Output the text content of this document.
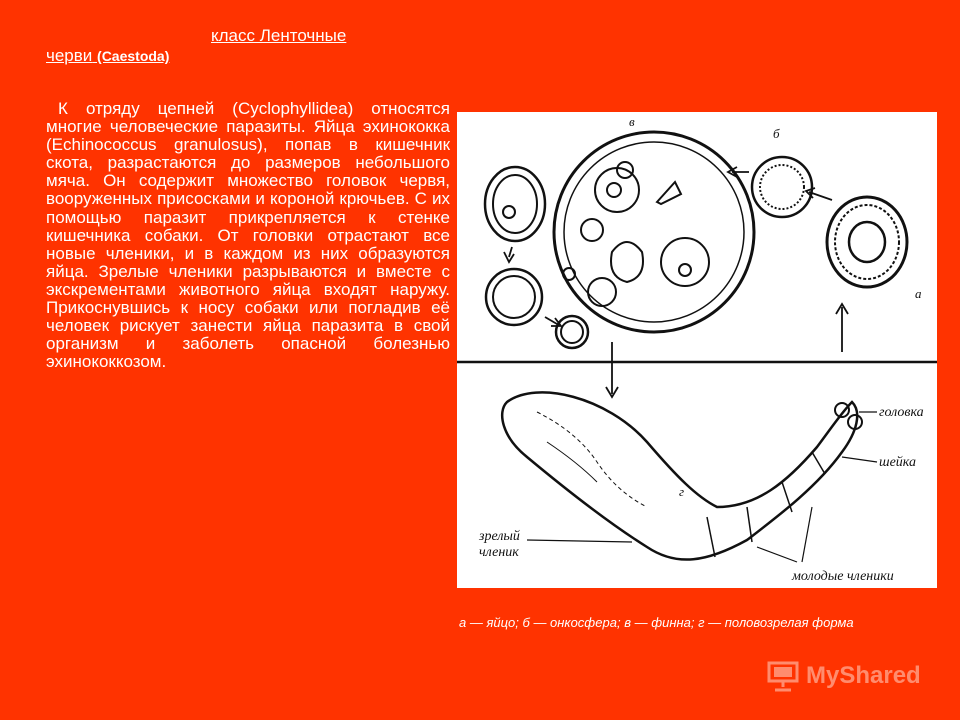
класс Ленточные
черви (Caestoda)

К отряду цепней (Cyclophyllidea) относятся многие человеческие паразиты. Яйца эхинококка (Echinococcus granulosus), попав в кишечник скота, разрастаются до размеров небольшого мяча. Он содержит множество головок червя, вооруженных присосками и короной крючьев. С их помощью паразит прикрепляется к стенке кишечника собаки. От головки отрастают все новые членики, и в каждом из них образуются яйца. Зрелые членики разрываются и вместе с экскрементами животного яйца входят наружу. Прикоснувшись к носу собаки или погладив её человек рискует занести яйца паразита в свой организм и заболеть опасной болезнью эхинококкозом.

в
б
а
г
головка
шейка
зрелый
членик
молодые членики
а — яйцо; б — онкосфера; в — финна; г — половозрелая форма
MyShared
